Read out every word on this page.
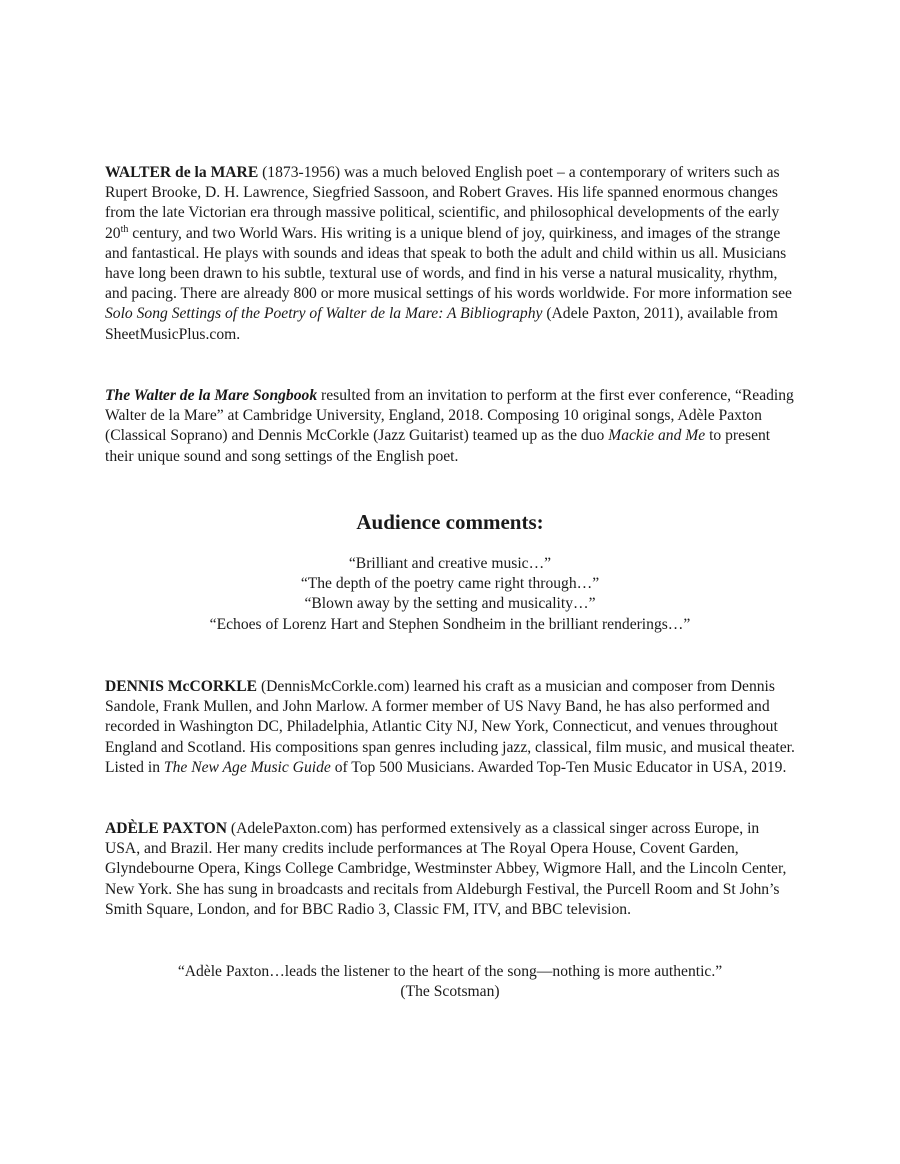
WALTER de la MARE (1873-1956) was a much beloved English poet – a contemporary of writers such as Rupert Brooke, D. H. Lawrence, Siegfried Sassoon, and Robert Graves. His life spanned enormous changes from the late Victorian era through massive political, scientific, and philosophical developments of the early 20th century, and two World Wars. His writing is a unique blend of joy, quirkiness, and images of the strange and fantastical. He plays with sounds and ideas that speak to both the adult and child within us all. Musicians have long been drawn to his subtle, textural use of words, and find in his verse a natural musicality, rhythm, and pacing. There are already 800 or more musical settings of his words worldwide. For more information see Solo Song Settings of the Poetry of Walter de la Mare: A Bibliography (Adele Paxton, 2011), available from SheetMusicPlus.com.

The Walter de la Mare Songbook resulted from an invitation to perform at the first ever conference, “Reading Walter de la Mare” at Cambridge University, England, 2018. Composing 10 original songs, Adèle Paxton (Classical Soprano) and Dennis McCorkle (Jazz Guitarist) teamed up as the duo Mackie and Me to present their unique sound and song settings of the English poet.

Audience comments:
“Brilliant and creative music…”
“The depth of the poetry came right through…”
“Blown away by the setting and musicality…”
“Echoes of Lorenz Hart and Stephen Sondheim in the brilliant renderings…”

DENNIS McCORKLE (DennisMcCorkle.com) learned his craft as a musician and composer from Dennis Sandole, Frank Mullen, and John Marlow. A former member of US Navy Band, he has also performed and recorded in Washington DC, Philadelphia, Atlantic City NJ, New York, Connecticut, and venues throughout England and Scotland. His compositions span genres including jazz, classical, film music, and musical theater. Listed in The New Age Music Guide of Top 500 Musicians. Awarded Top-Ten Music Educator in USA, 2019.

ADÈLE PAXTON (AdelePaxton.com) has performed extensively as a classical singer across Europe, in USA, and Brazil. Her many credits include performances at The Royal Opera House, Covent Garden, Glyndebourne Opera, Kings College Cambridge, Westminster Abbey, Wigmore Hall, and the Lincoln Center, New York. She has sung in broadcasts and recitals from Aldeburgh Festival, the Purcell Room and St John’s Smith Square, London, and for BBC Radio 3, Classic FM, ITV, and BBC television.

“Adèle Paxton…leads the listener to the heart of the song—nothing is more authentic.”
(The Scotsman)
